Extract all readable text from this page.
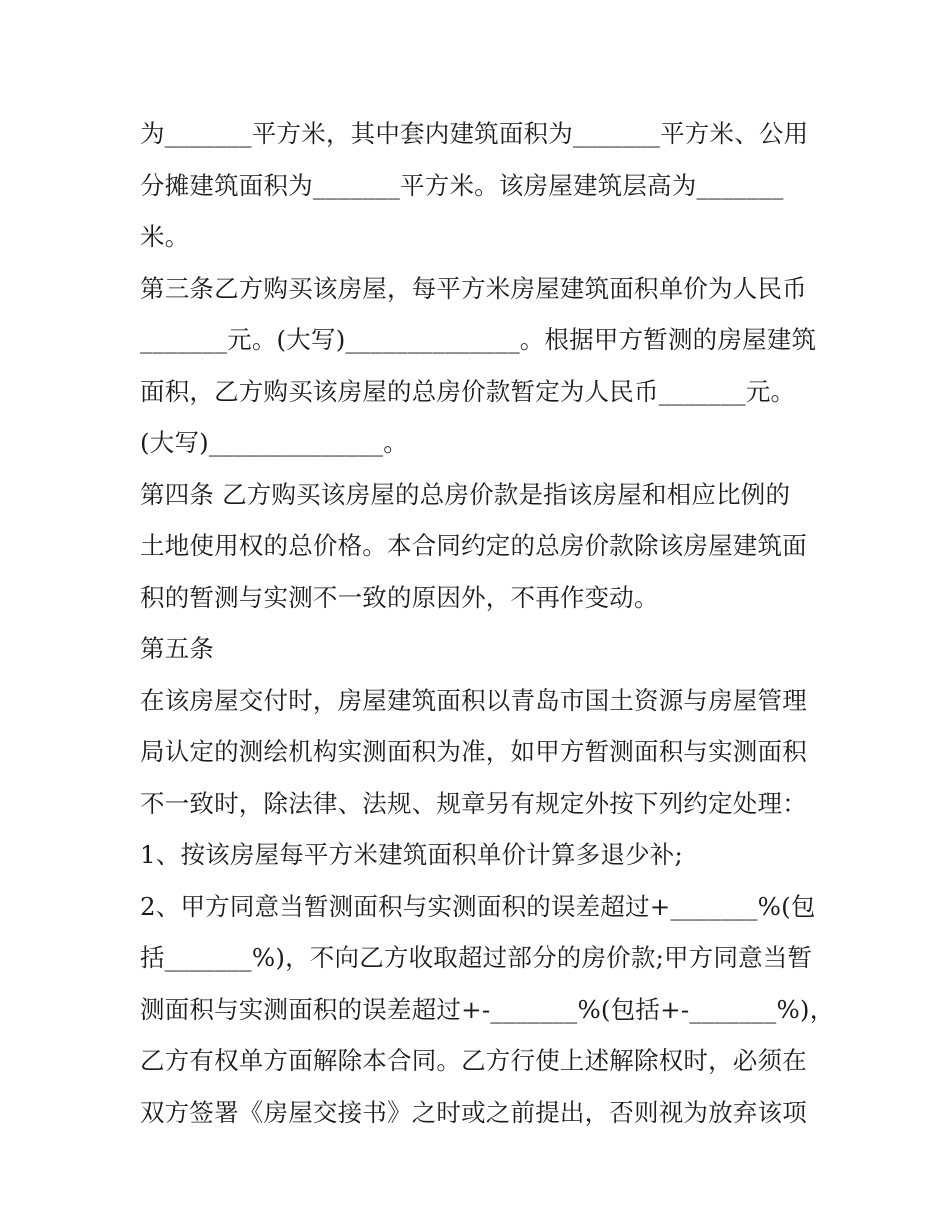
为_______平方米，其中套内建筑面积为_______平方米、公用
分摊建筑面积为_______平方米。该房屋建筑层高为_______
米。
第三条乙方购买该房屋，每平方米房屋建筑面积单价为人民币
_______元。(大写)______________。根据甲方暂测的房屋建筑
面积，乙方购买该房屋的总房价款暂定为人民币_______元。
(大写)______________。
第四条 乙方购买该房屋的总房价款是指该房屋和相应比例的
土地使用权的总价格。本合同约定的总房价款除该房屋建筑面
积的暂测与实测不一致的原因外，不再作变动。
第五条
在该房屋交付时，房屋建筑面积以青岛市国土资源与房屋管理
局认定的测绘机构实测面积为准，如甲方暂测面积与实测面积
不一致时，除法律、法规、规章另有规定外按下列约定处理：
1、按该房屋每平方米建筑面积单价计算多退少补;
2、甲方同意当暂测面积与实测面积的误差超过+_______%(包
括_______%)，不向乙方收取超过部分的房价款;甲方同意当暂
测面积与实测面积的误差超过+-_______%(包括+-_______%)，
乙方有权单方面解除本合同。乙方行使上述解除权时，必须在
双方签署《房屋交接书》之时或之前提出，否则视为放弃该项
